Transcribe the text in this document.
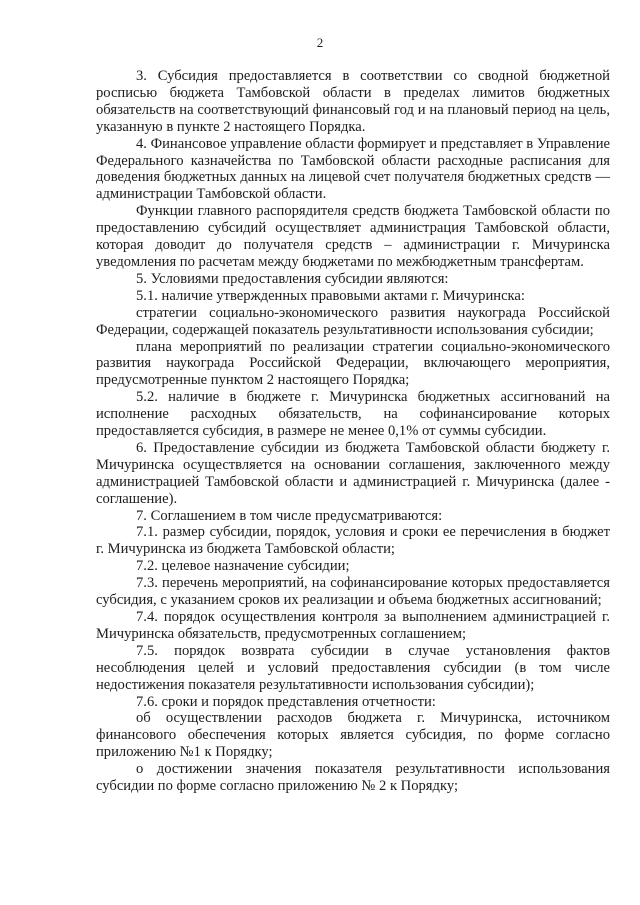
2

3. Субсидия предоставляется в соответствии со сводной бюджетной росписью бюджета Тамбовской области в пределах лимитов бюджетных обязательств на соответствующий финансовый год и на плановый период на цель, указанную в пункте 2 настоящего Порядка.

4. Финансовое управление области формирует и представляет в Управление Федерального казначейства по Тамбовской области расходные расписания для доведения бюджетных данных на лицевой счет получателя бюджетных средств — администрации Тамбовской области.

Функции главного распорядителя средств бюджета Тамбовской области по предоставлению субсидий осуществляет администрация Тамбовской области, которая доводит до получателя средств – администрации г. Мичуринска уведомления по расчетам между бюджетами по межбюджетным трансфертам.

5. Условиями предоставления субсидии являются:

5.1. наличие утвержденных правовыми актами г. Мичуринска:

стратегии социально-экономического развития наукограда Российской Федерации, содержащей показатель результативности использования субсидии;

плана мероприятий по реализации стратегии социально-экономического развития наукограда Российской Федерации, включающего мероприятия, предусмотренные пунктом 2 настоящего Порядка;

5.2. наличие в бюджете г. Мичуринска бюджетных ассигнований на исполнение расходных обязательств, на софинансирование которых предоставляется субсидия, в размере не менее 0,1% от суммы субсидии.

6. Предоставление субсидии из бюджета Тамбовской области бюджету г. Мичуринска осуществляется на основании соглашения, заключенного между администрацией Тамбовской области и администрацией г. Мичуринска (далее - соглашение).

7. Соглашением в том числе предусматриваются:

7.1. размер субсидии, порядок, условия и сроки ее перечисления в бюджет г. Мичуринска из бюджета Тамбовской области;

7.2. целевое назначение субсидии;

7.3. перечень мероприятий, на софинансирование которых предоставляется субсидия, с указанием сроков их реализации и объема бюджетных ассигнований;

7.4. порядок осуществления контроля за выполнением администрацией г. Мичуринска обязательств, предусмотренных соглашением;

7.5. порядок возврата субсидии в случае установления фактов несоблюдения целей и условий предоставления субсидии (в том числе недостижения показателя результативности использования субсидии);

7.6. сроки и порядок представления отчетности:

об осуществлении расходов бюджета г. Мичуринска, источником финансового обеспечения которых является субсидия, по форме согласно приложению №1 к Порядку;

о достижении значения показателя результативности использования субсидии по форме согласно приложению № 2 к Порядку;
